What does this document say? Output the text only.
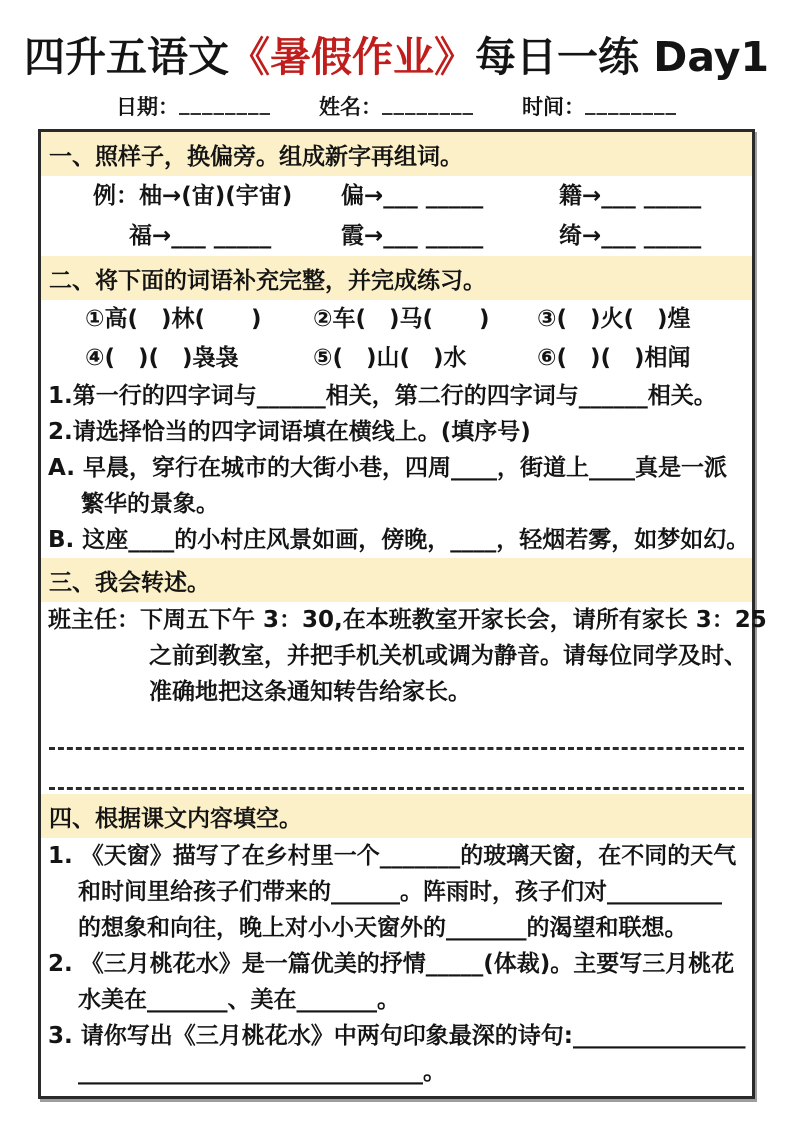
四升五语文《暑假作业》每日一练 Day1
日期： ________ 姓名： ________ 时间： ________
一、照样子，换偏旁。组成新字再组词。
例：柚→(宙)(宇宙)	偏→___ _____	籍→___ _____
福→___ _____	霞→___ _____	绮→___ _____
二、将下面的词语补充完整，并完成练习。
①高(　)林(　　)	②车(　)马(　　)	③(　)火(　)煌
④(　)(　)袅袅	⑤(　)山(　)水	⑥(　)(　)相闻
1.第一行的四字词与______相关，第二行的四字词与______相关。
2.请选择恰当的四字词语填在横线上。(填序号)
A. 早晨，穿行在城市的大街小巷，四周____，街道上____真是一派
繁华的景象。
B. 这座____的小村庄风景如画，傍晚，____，轻烟若雾，如梦如幻。
三、我会转述。
班主任：下周五下午 3：30,在本班教室开家长会，请所有家长 3：25
之前到教室，并把手机关机或调为静音。请每位同学及时、
准确地把这条通知转告给家长。
四、根据课文内容填空。
1. 《天窗》描写了在乡村里一个_______的玻璃天窗，在不同的天气
和时间里给孩子们带来的______。阵雨时，孩子们对__________
的想象和向往，晚上对小小天窗外的_______的渴望和联想。
2. 《三月桃花水》是一篇优美的抒情_____(体裁)。主要写三月桃花
水美在_______、美在_______。
3. 请你写出《三月桃花水》中两句印象最深的诗句:_______________
______________________________。
